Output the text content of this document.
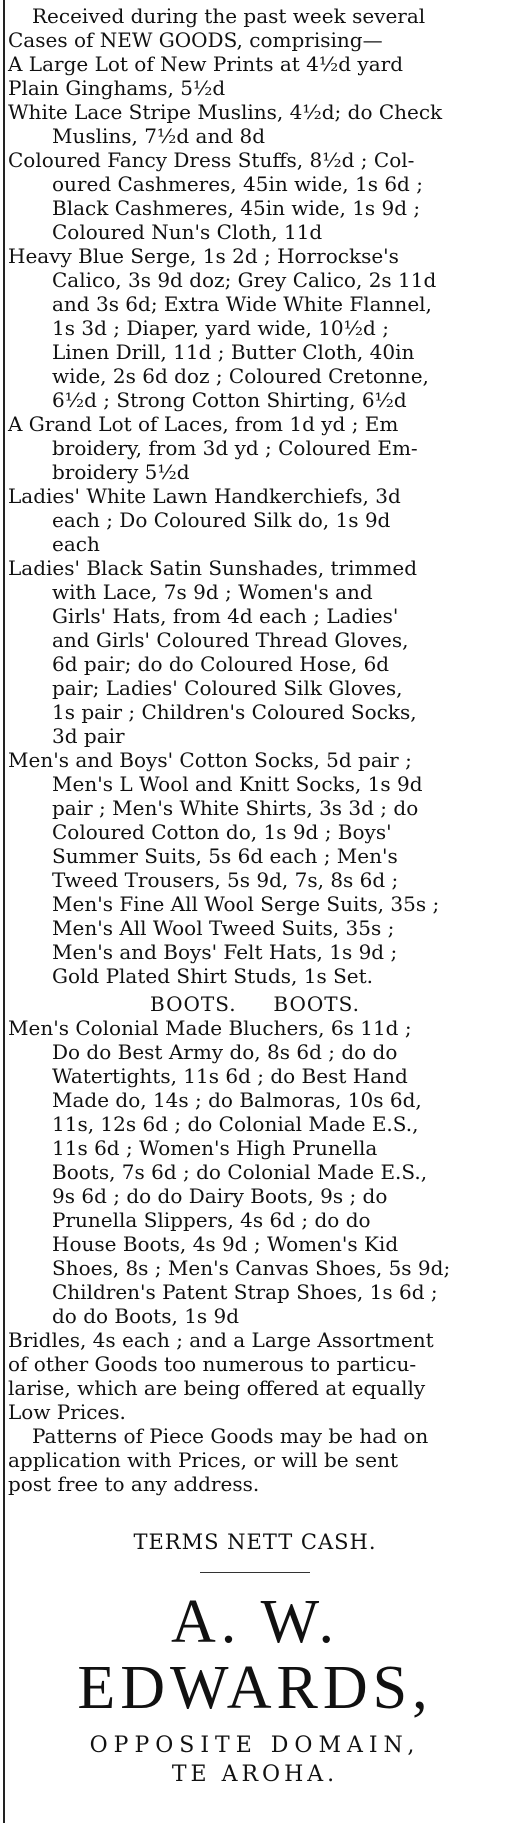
Received during the past week several
Cases of NEW GOODS, comprising—
A Large Lot of New Prints at 4½d yard
Plain Ginghams, 5½d
White Lace Stripe Muslins, 4½d; do Check
Muslins, 7½d and 8d
Coloured Fancy Dress Stuffs, 8½d ; Col-
oured Cashmeres, 45in wide, 1s 6d ;
Black Cashmeres, 45in wide, 1s 9d ;
Coloured Nun's Cloth, 11d
Heavy Blue Serge, 1s 2d ; Horrockse's
Calico, 3s 9d doz; Grey Calico, 2s 11d
and 3s 6d; Extra Wide White Flannel,
1s 3d ; Diaper, yard wide, 10½d ;
Linen Drill, 11d ; Butter Cloth, 40in
wide, 2s 6d doz ; Coloured Cretonne,
6½d ; Strong Cotton Shirting, 6½d
A Grand Lot of Laces, from 1d yd ; Em
broidery, from 3d yd ; Coloured Em-
broidery 5½d
Ladies' White Lawn Handkerchiefs, 3d
each ; Do Coloured Silk do, 1s 9d
each
Ladies' Black Satin Sunshades, trimmed
with Lace, 7s 9d ; Women's and
Girls' Hats, from 4d each ; Ladies'
and Girls' Coloured Thread Gloves,
6d pair; do do Coloured Hose, 6d
pair; Ladies' Coloured Silk Gloves,
1s pair ; Children's Coloured Socks,
3d pair
Men's and Boys' Cotton Socks, 5d pair ;
Men's L Wool and Knitt Socks, 1s 9d
pair ; Men's White Shirts, 3s 3d ; do
Coloured Cotton do, 1s 9d ; Boys'
Summer Suits, 5s 6d each ; Men's
Tweed Trousers, 5s 9d, 7s, 8s 6d ;
Men's Fine All Wool Serge Suits, 35s ;
Men's All Wool Tweed Suits, 35s ;
Men's and Boys' Felt Hats, 1s 9d ;
Gold Plated Shirt Studs, 1s Set.
BOOTS.     BOOTS.
Men's Colonial Made Bluchers, 6s 11d ;
Do do Best Army do, 8s 6d ; do do
Watertights, 11s 6d ; do Best Hand
Made do, 14s ; do Balmoras, 10s 6d,
11s, 12s 6d ; do Colonial Made E.S.,
11s 6d ; Women's High Prunella
Boots, 7s 6d ; do Colonial Made E.S.,
9s 6d ; do do Dairy Boots, 9s ; do
Prunella Slippers, 4s 6d ; do do
House Boots, 4s 9d ; Women's Kid
Shoes, 8s ; Men's Canvas Shoes, 5s 9d;
Children's Patent Strap Shoes, 1s 6d ;
do do Boots, 1s 9d
Bridles, 4s each ; and a Large Assortment
of other Goods too numerous to particu-
larise, which are being offered at equally
Low Prices.
Patterns of Piece Goods may be had on
application with Prices, or will be sent
post free to any address.
TERMS NETT CASH.
A. W. EDWARDS,
OPPOSITE DOMAIN,
TE AROHA.
